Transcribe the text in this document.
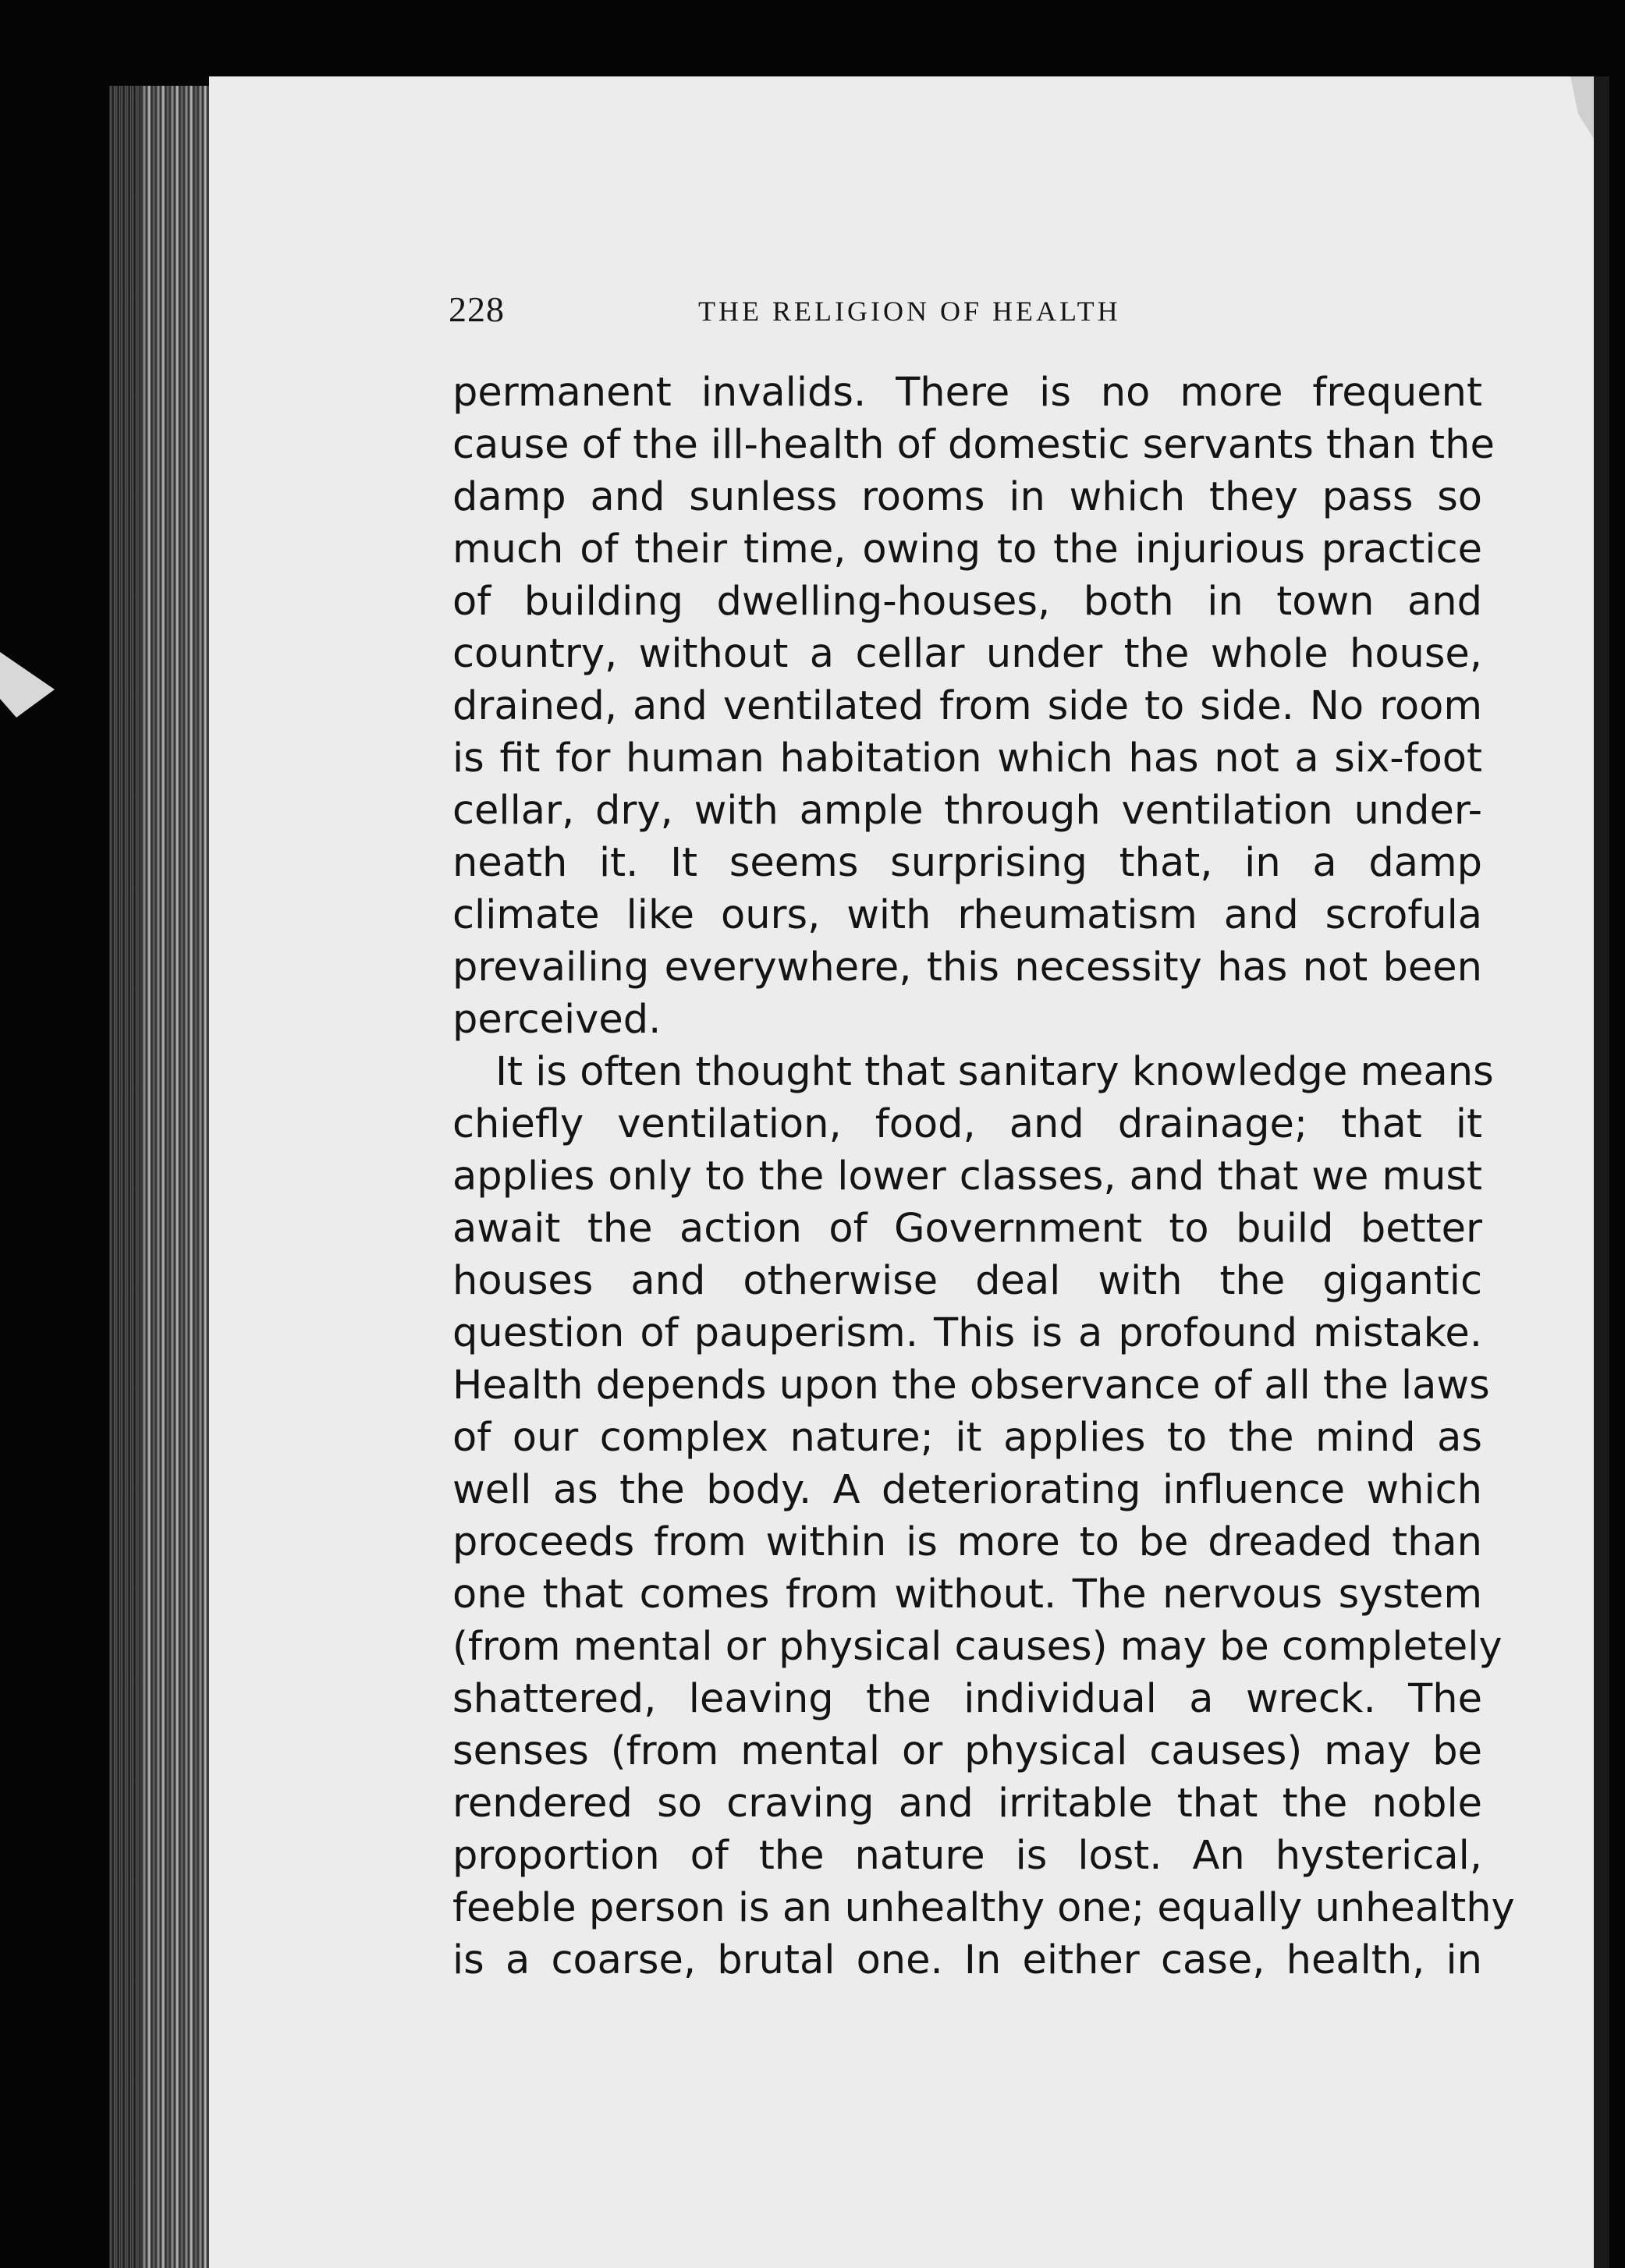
228	THE RELIGION OF HEALTH
permanent invalids. There is no more frequent
cause of the ill-health of domestic servants than the
damp and sunless rooms in which they pass so
much of their time, owing to the injurious practice
of building dwelling-houses, both in town and
country, without a cellar under the whole house,
drained, and ventilated from side to side. No room
is fit for human habitation which has not a six-foot
cellar, dry, with ample through ventilation under-
neath it. It seems surprising that, in a damp
climate like ours, with rheumatism and scrofula
prevailing everywhere, this necessity has not been
perceived.
It is often thought that sanitary knowledge means
chiefly ventilation, food, and drainage; that it
applies only to the lower classes, and that we must
await the action of Government to build better
houses and otherwise deal with the gigantic
question of pauperism. This is a profound mistake.
Health depends upon the observance of all the laws
of our complex nature; it applies to the mind as
well as the body. A deteriorating influence which
proceeds from within is more to be dreaded than
one that comes from without. The nervous system
(from mental or physical causes) may be completely
shattered, leaving the individual a wreck. The
senses (from mental or physical causes) may be
rendered so craving and irritable that the noble
proportion of the nature is lost. An hysterical,
feeble person is an unhealthy one; equally unhealthy
is a coarse, brutal one. In either case, health, in
